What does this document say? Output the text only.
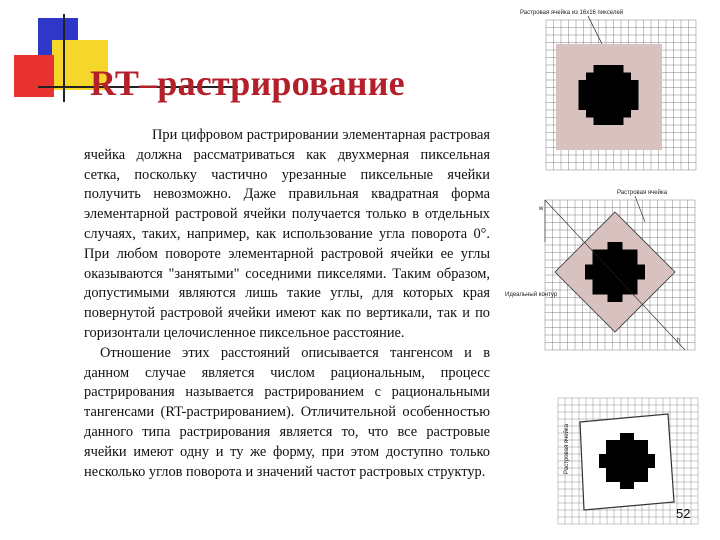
RT–растрирование

При цифровом растрировании элементарная растровая ячейка должна рассматриваться как двухмерная пиксельная сетка, поскольку частично урезанные пиксельные ячейки получить невозможно. Даже правильная квадратная форма элементарной растровой ячейки получается только в отдельных случаях, таких, например, как использование угла поворота 0°. При любом повороте элементарной растровой ячейки ее углы оказываются "занятыми" соседними пикселями. Таким образом, допустимыми являются лишь такие углы, для которых края повернутой растровой ячейки имеют как по вертикали, так и по горизонтали целочисленное пиксельное расстояние.

Отношение этих расстояний описывается тангенсом и в данном случае является числом рациональным, процесс растрирования называется растрированием с рациональными тангенсами (RT-растрированием). Отличительной особенностью данного типа растрирования является то, что все растровые ячейки имеют одну и ту же форму, при этом доступно только несколько углов поворота и значений частот растровых структур.

Растровая ячейка из 16x16 пикселей
Растровая ячейка
Идеальный контур
w
h
Растровая ячейка
52
